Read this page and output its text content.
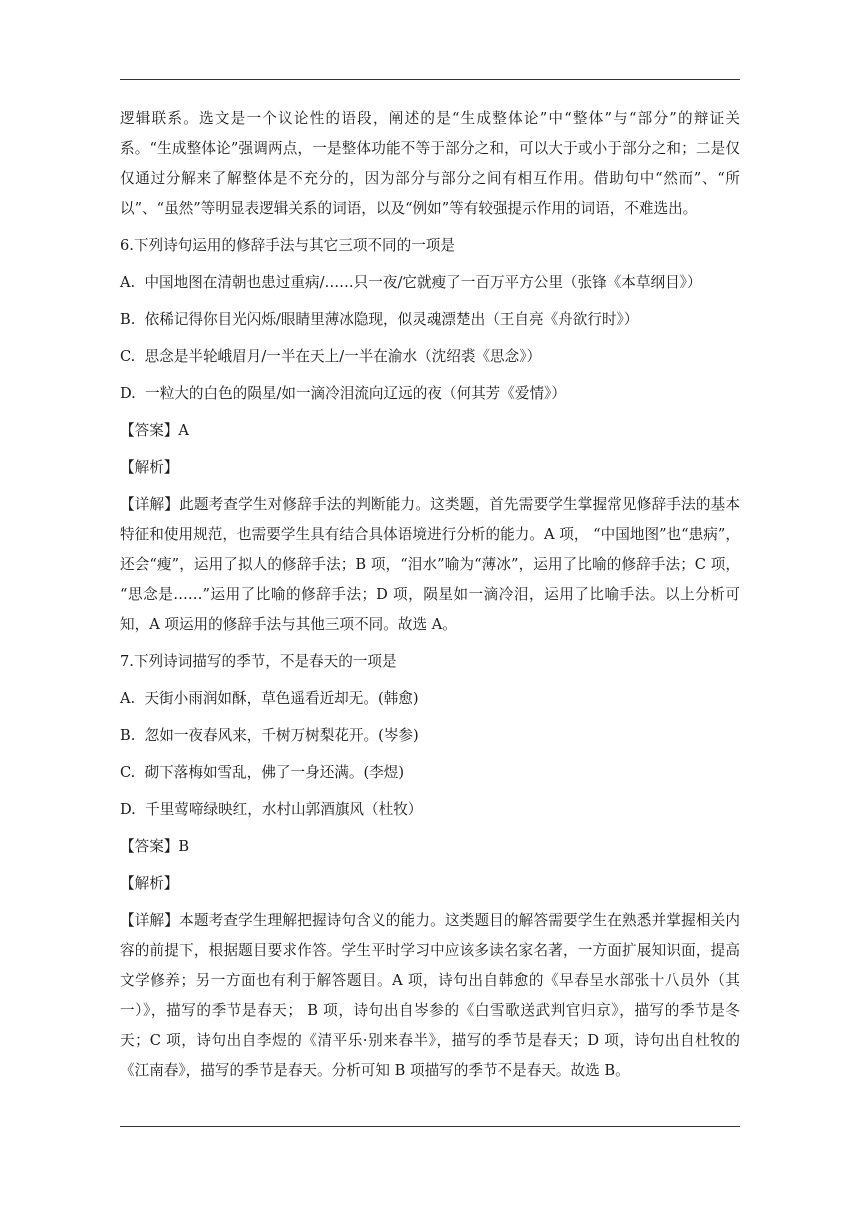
逻辑联系。选文是一个议论性的语段，阐述的是“生成整体论”中“整体”与“部分”的辩证关系。“生成整体论”强调两点，一是整体功能不等于部分之和，可以大于或小于部分之和；二是仅仅通过分解来了解整体是不充分的，因为部分与部分之间有相互作用。借助句中“然而”、“所以”、“虽然”等明显表逻辑关系的词语，以及“例如”等有较强提示作用的词语，不难选出。

6.下列诗句运用的修辞手法与其它三项不同的一项是

A.  中国地图在清朝也患过重病/……只一夜/它就瘦了一百万平方公里（张锋《本草纲目》）

B.  依稀记得你目光闪烁/眼睛里薄冰隐现，似灵魂漂楚出（王自亮《舟欲行时》）

C.  思念是半轮峨眉月/一半在天上/一半在渝水（沈绍裘《思念》）

D.  一粒大的白色的陨星/如一滴冷泪流向辽远的夜（何其芳《爱情》）

【答案】A

【解析】

【详解】此题考查学生对修辞手法的判断能力。这类题，首先需要学生掌握常见修辞手法的基本特征和使用规范，也需要学生具有结合具体语境进行分析的能力。A 项， “中国地图”也“患病”，还会“瘦”，运用了拟人的修辞手法；B 项，“泪水”喻为“薄冰”，运用了比喻的修辞手法；C 项， “思念是……”运用了比喻的修辞手法；D 项，陨星如一滴冷泪，运用了比喻手法。以上分析可知，A 项运用的修辞手法与其他三项不同。故选 A。

7.下列诗词描写的季节，不是春天的一项是

A.  天街小雨润如酥，草色遥看近却无。(韩愈)

B.  忽如一夜春风来，千树万树梨花开。(岑参)

C.  砌下落梅如雪乱，佛了一身还满。(李煜)

D.  千里莺啼绿映红，水村山郭酒旗风（杜牧）

【答案】B

【解析】

【详解】本题考查学生理解把握诗句含义的能力。这类题目的解答需要学生在熟悉并掌握相关内容的前提下，根据题目要求作答。学生平时学习中应该多读名家名著，一方面扩展知识面，提高文学修养；另一方面也有利于解答题目。A 项，诗句出自韩愈的《早春呈水部张十八员外（其一）》，描写的季节是春天； B 项，诗句出自岑参的《白雪歌送武判官归京》，描写的季节是冬天；C 项，诗句出自李煜的《清平乐·别来春半》，描写的季节是春天；D 项，诗句出自杜牧的《江南春》，描写的季节是春天。分析可知 B 项描写的季节不是春天。故选 B。
